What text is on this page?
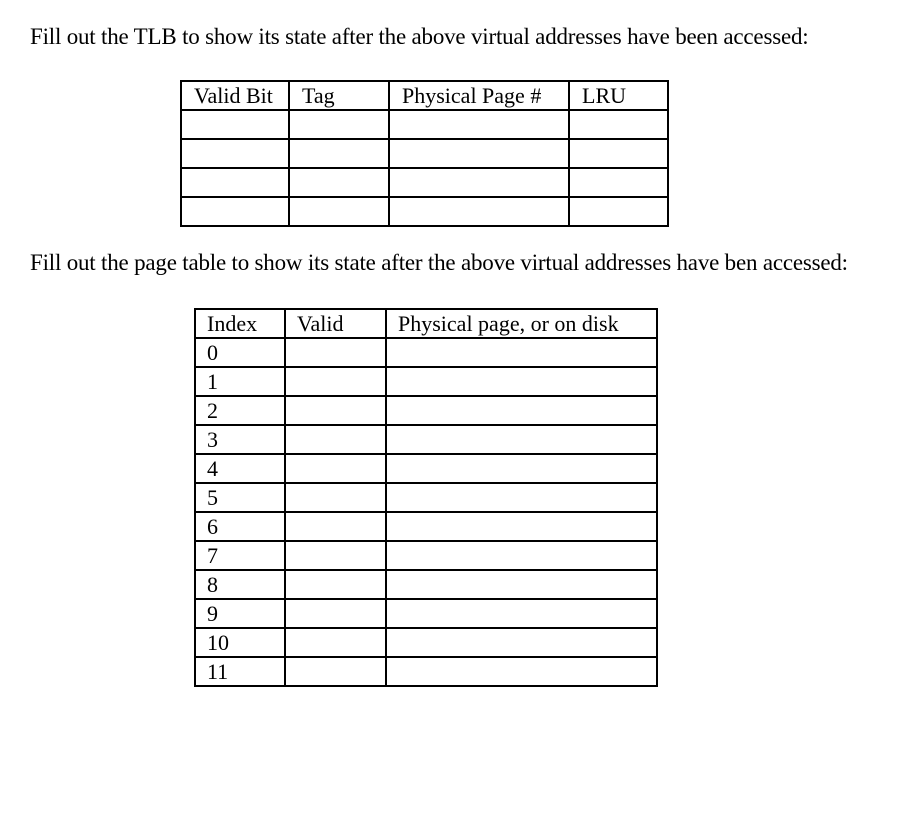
Fill out the TLB to show its state after the above virtual addresses have been accessed:

Valid Bit	Tag	Physical Page #	LRU

Fill out the page table to show its state after the above virtual addresses have ben accessed:

Index	Valid	Physical page, or on disk
0		
1		
2		
3		
4		
5		
6		
7		
8		
9		
10		
11		
